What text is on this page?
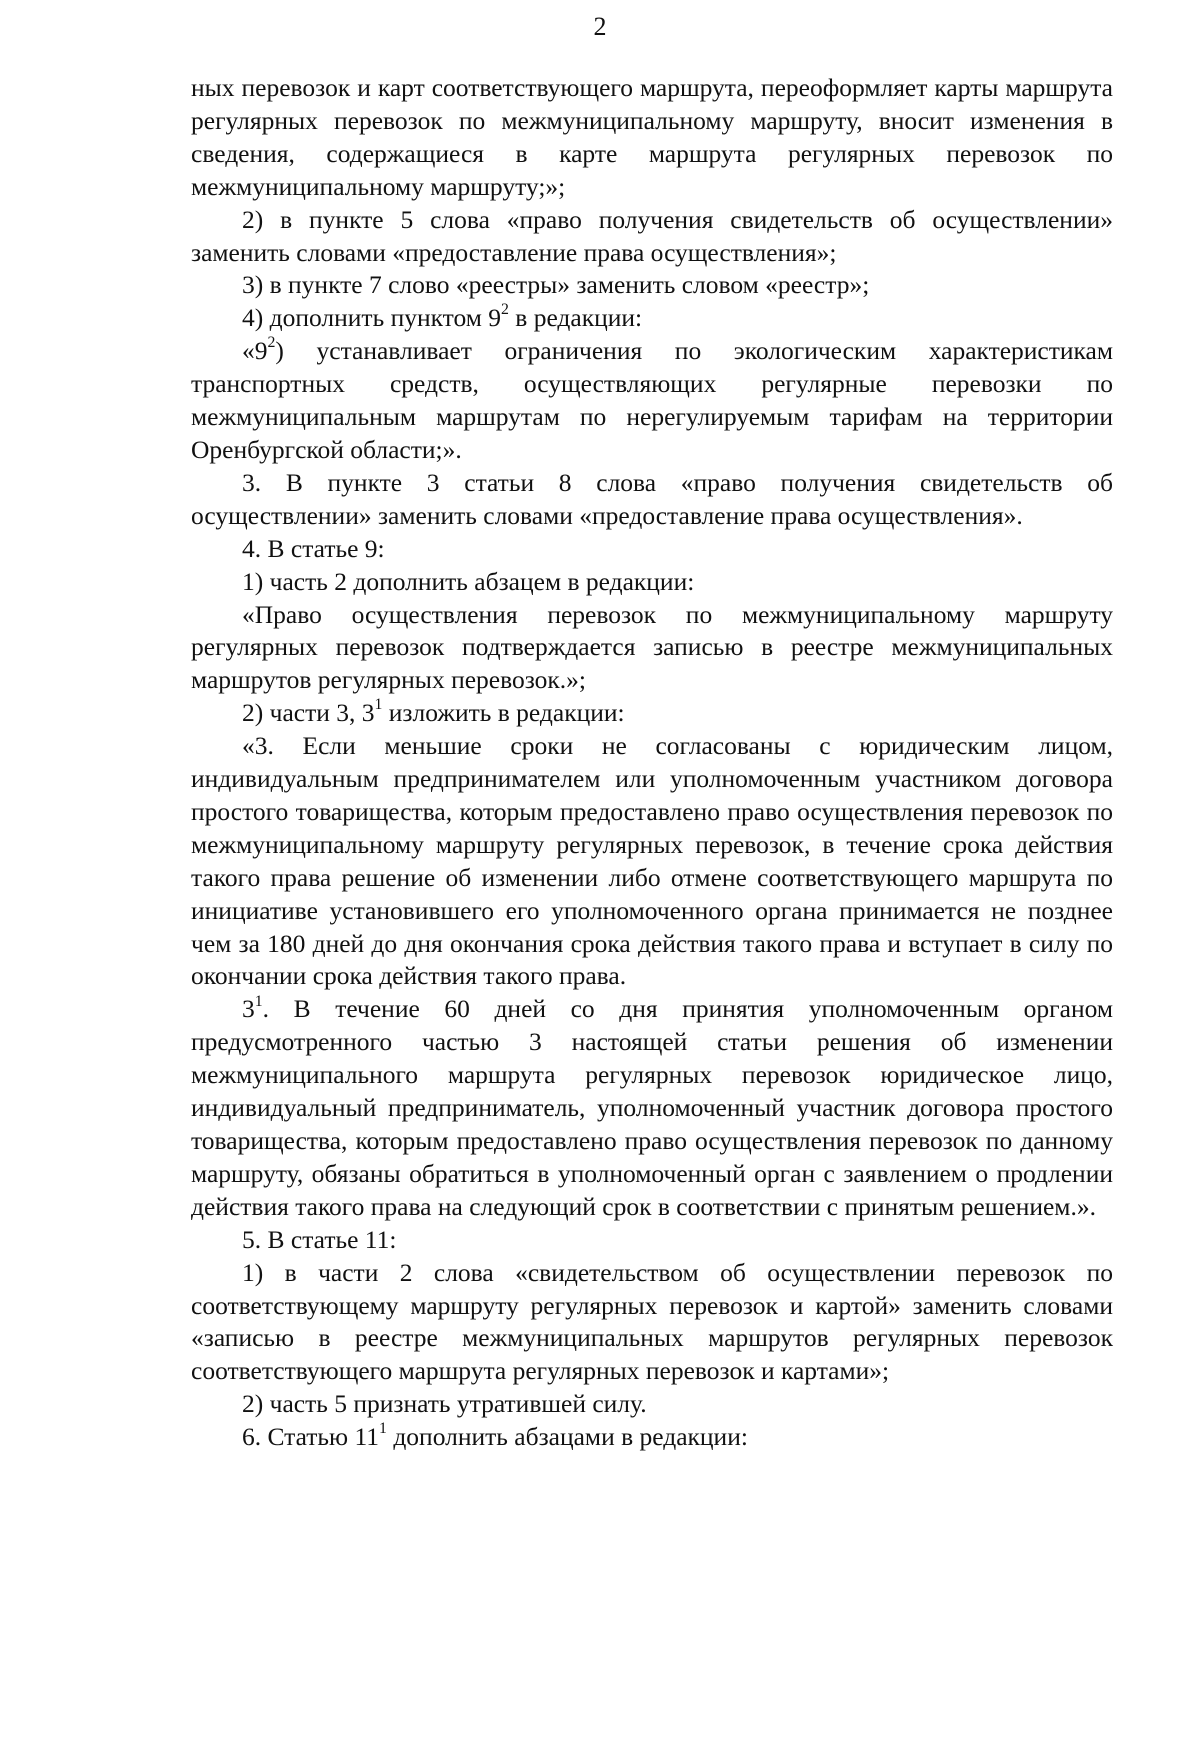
2

ных перевозок и карт соответствующего маршрута, переоформляет карты маршрута регулярных перевозок по межмуниципальному маршруту, вносит изменения в сведения, содержащиеся в карте маршрута регулярных перевозок по межмуниципальному маршруту;»;

2) в пункте 5 слова «право получения свидетельств об осуществлении» заменить словами «предоставление права осуществления»;

3) в пункте 7 слово «реестры» заменить словом «реестр»;

4) дополнить пунктом $9^2$ в редакции:

«$9^2$) устанавливает ограничения по экологическим характеристикам транспортных средств, осуществляющих регулярные перевозки по межмуниципальным маршрутам по нерегулируемым тарифам на территории Оренбургской области;».

3. В пункте 3 статьи 8 слова «право получения свидетельств об осуществлении» заменить словами «предоставление права осуществления».

4. В статье 9:

1) часть 2 дополнить абзацем в редакции:

«Право осуществления перевозок по межмуниципальному маршруту регулярных перевозок подтверждается записью в реестре межмуниципальных маршрутов регулярных перевозок.»;

2) части 3, $3^1$ изложить в редакции:

«3. Если меньшие сроки не согласованы с юридическим лицом, индивидуальным предпринимателем или уполномоченным участником договора простого товарищества, которым предоставлено право осуществления перевозок по межмуниципальному маршруту регулярных перевозок, в течение срока действия такого права решение об изменении либо отмене соответствующего маршрута по инициативе установившего его уполномоченного органа принимается не позднее чем за 180 дней до дня окончания срока действия такого права и вступает в силу по окончании срока действия такого права.

$3^1$. В течение 60 дней со дня принятия уполномоченным органом предусмотренного частью 3 настоящей статьи решения об изменении межмуниципального маршрута регулярных перевозок юридическое лицо, индивидуальный предприниматель, уполномоченный участник договора простого товарищества, которым предоставлено право осуществления перевозок по данному маршруту, обязаны обратиться в уполномоченный орган с заявлением о продлении действия такого права на следующий срок в соответствии с принятым решением.».

5. В статье 11:

1) в части 2 слова «свидетельством об осуществлении перевозок по соответствующему маршруту регулярных перевозок и картой» заменить словами «записью в реестре межмуниципальных маршрутов регулярных перевозок соответствующего маршрута регулярных перевозок и картами»;

2) часть 5 признать утратившей силу.

6. Статью $11^1$ дополнить абзацами в редакции:
